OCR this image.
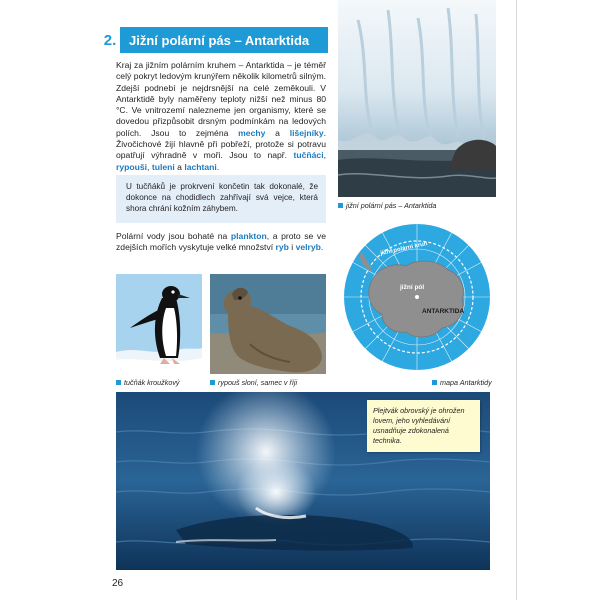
2. Jižní polární pás – Antarktida
Kraj za jižním polárním kruhem – Antarktida – je téměř celý pokryt ledovým krunýřem několik kilometrů silným. Zdejší podnebí je nejdrsnější na celé zeměkouli. V Antarktidě byly naměřeny teploty nižší než minus 80 °C. Ve vnitrozemí nalezneme jen organismy, které se dovedou přizpůsobit drsným podmínkám na ledových polích. Jsou to zejména mechy a lišejníky. Živočichové žijí hlavně při pobřeží, protože si potravu opatřují výhradně v moři. Jsou to např. tučňáci, rypouši, tuleni a lachtani.
U tučňáků je prokrvení končetin tak dokonalé, že dokonce na chodidlech zahřívají svá vejce, která shora chrání kožním záhybem.
Polární vody jsou bohaté na plankton, a proto se ve zdejších mořích vyskytuje velké množství ryb i velryb.
jižní polární pás – Antarktida
tučňák kroužkový	rypouš sloní, samec v říji
jižní polární kruh
jižní pól
ANTARKTIDA
mapa Antarktidy
Plejtvák obrovský je ohrožen lovem, jeho vyhledávání usnadňuje zdokonalená technika.
26
